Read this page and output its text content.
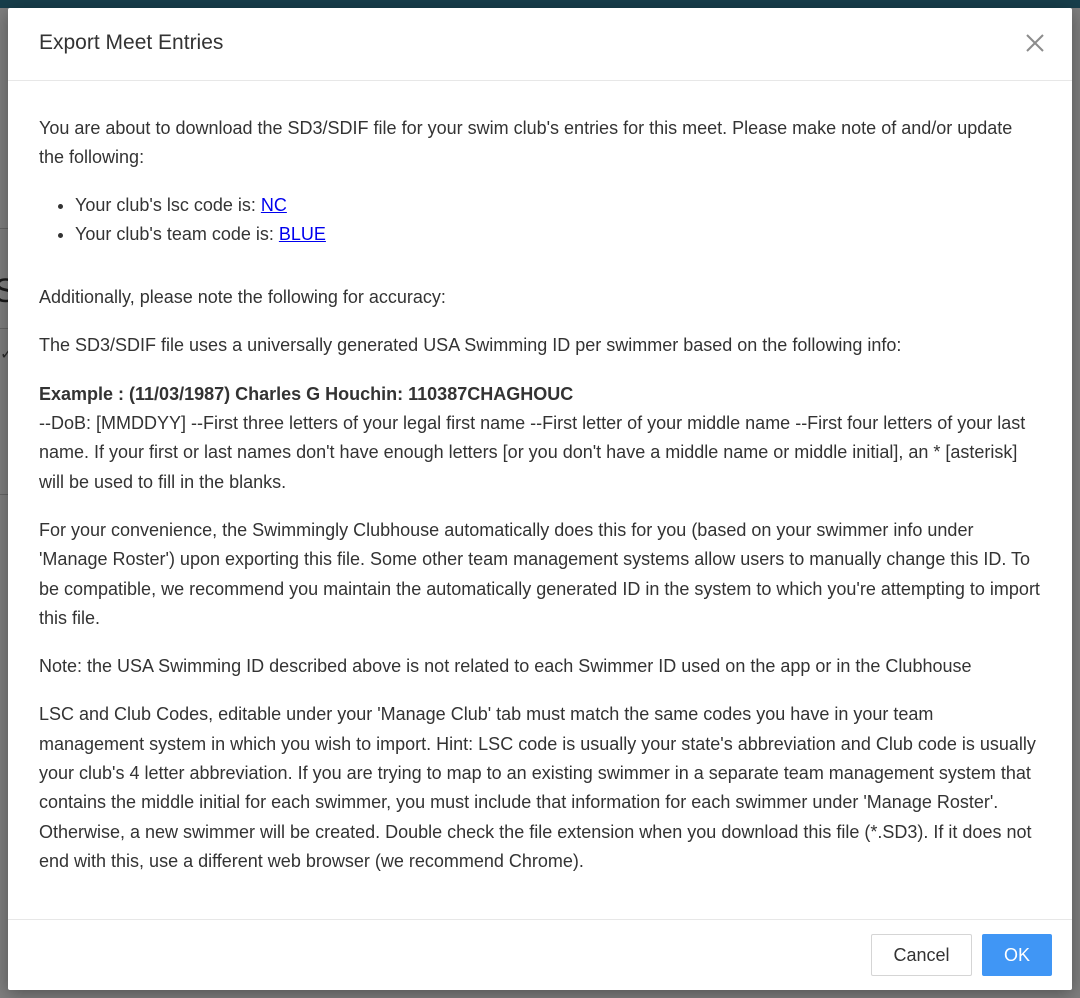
Export Meet Entries

You are about to download the SD3/SDIF file for your swim club's entries for this meet. Please make note of and/or update the following:

• Your club's lsc code is: NC
• Your club's team code is: BLUE

Additionally, please note the following for accuracy:

The SD3/SDIF file uses a universally generated USA Swimming ID per swimmer based on the following info:

Example : (11/03/1987) Charles G Houchin: 110387CHAGHOUC
--DoB: [MMDDYY] --First three letters of your legal first name --First letter of your middle name --First four letters of your last name. If your first or last names don't have enough letters [or you don't have a middle name or middle initial], an * [asterisk] will be used to fill in the blanks.

For your convenience, the Swimmingly Clubhouse automatically does this for you (based on your swimmer info under 'Manage Roster') upon exporting this file. Some other team management systems allow users to manually change this ID. To be compatible, we recommend you maintain the automatically generated ID in the system to which you're attempting to import this file.

Note: the USA Swimming ID described above is not related to each Swimmer ID used on the app or in the Clubhouse

LSC and Club Codes, editable under your 'Manage Club' tab must match the same codes you have in your team management system in which you wish to import. Hint: LSC code is usually your state's abbreviation and Club code is usually your club's 4 letter abbreviation. If you are trying to map to an existing swimmer in a separate team management system that contains the middle initial for each swimmer, you must include that information for each swimmer under 'Manage Roster'. Otherwise, a new swimmer will be created. Double check the file extension when you download this file (*.SD3). If it does not end with this, use a different web browser (we recommend Chrome).

Cancel	OK
